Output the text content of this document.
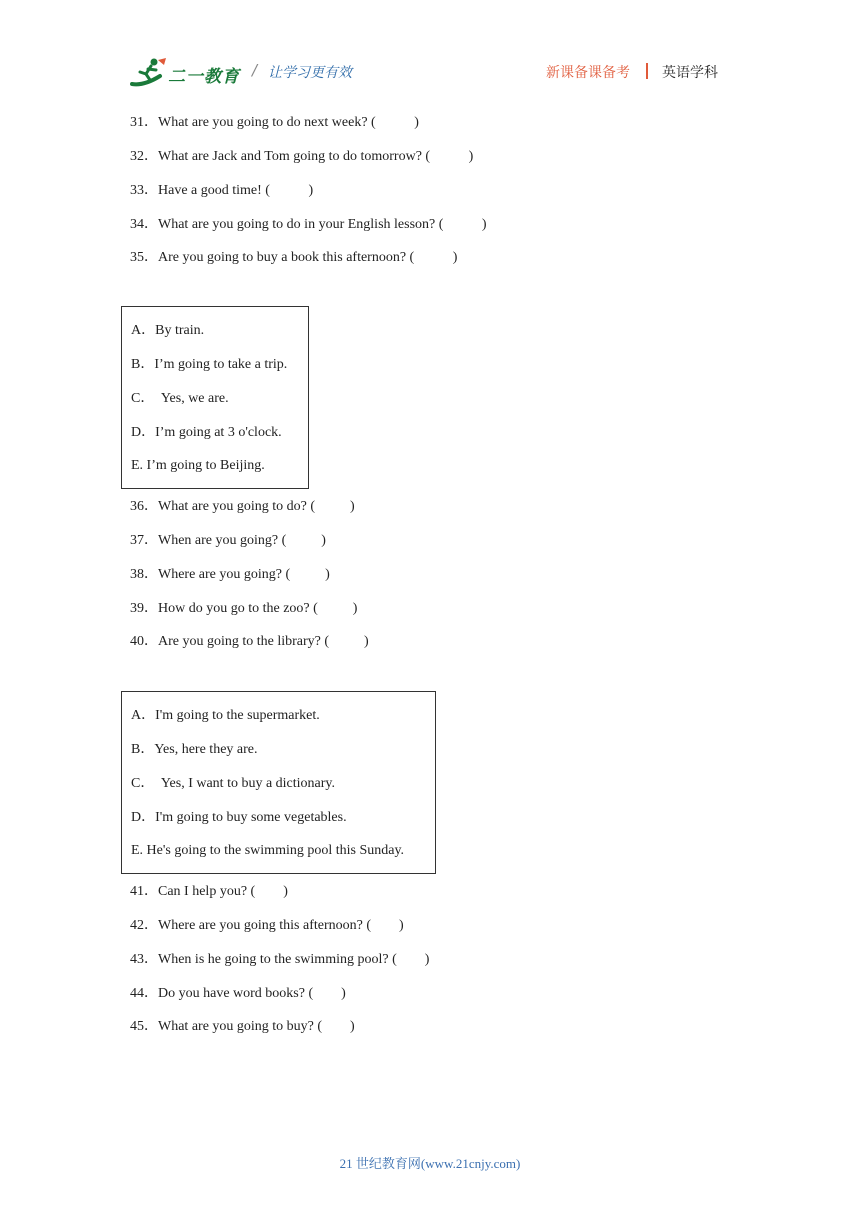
二一教育 / 让学习更有效	新课备课备考 英语学科
31．What are you going to do next week? (           )
32．What are Jack and Tom going to do tomorrow? (           )
33．Have a good time! (           )
34．What are you going to do in your English lesson? (           )
35．Are you going to buy a book this afternoon? (           )
A．By train.
B．I’m going to take a trip.
C．  Yes, we are.
D．I’m going at 3 o'clock.
E. I’m going to Beijing.
36．What are you going to do? (          )
37．When are you going? (          )
38．Where are you going? (          )
39．How do you go to the zoo? (          )
40．Are you going to the library? (          )
A．I'm going to the supermarket.
B．Yes, here they are.
C．  Yes, I want to buy a dictionary.
D．I'm going to buy some vegetables.
E. He's going to the swimming pool this Sunday.
41．Can I help you? (        )
42．Where are you going this afternoon? (        )
43．When is he going to the swimming pool? (        )
44．Do you have word books? (        )
45．What are you going to buy? (        )
21 世纪教育网(www.21cnjy.com)
